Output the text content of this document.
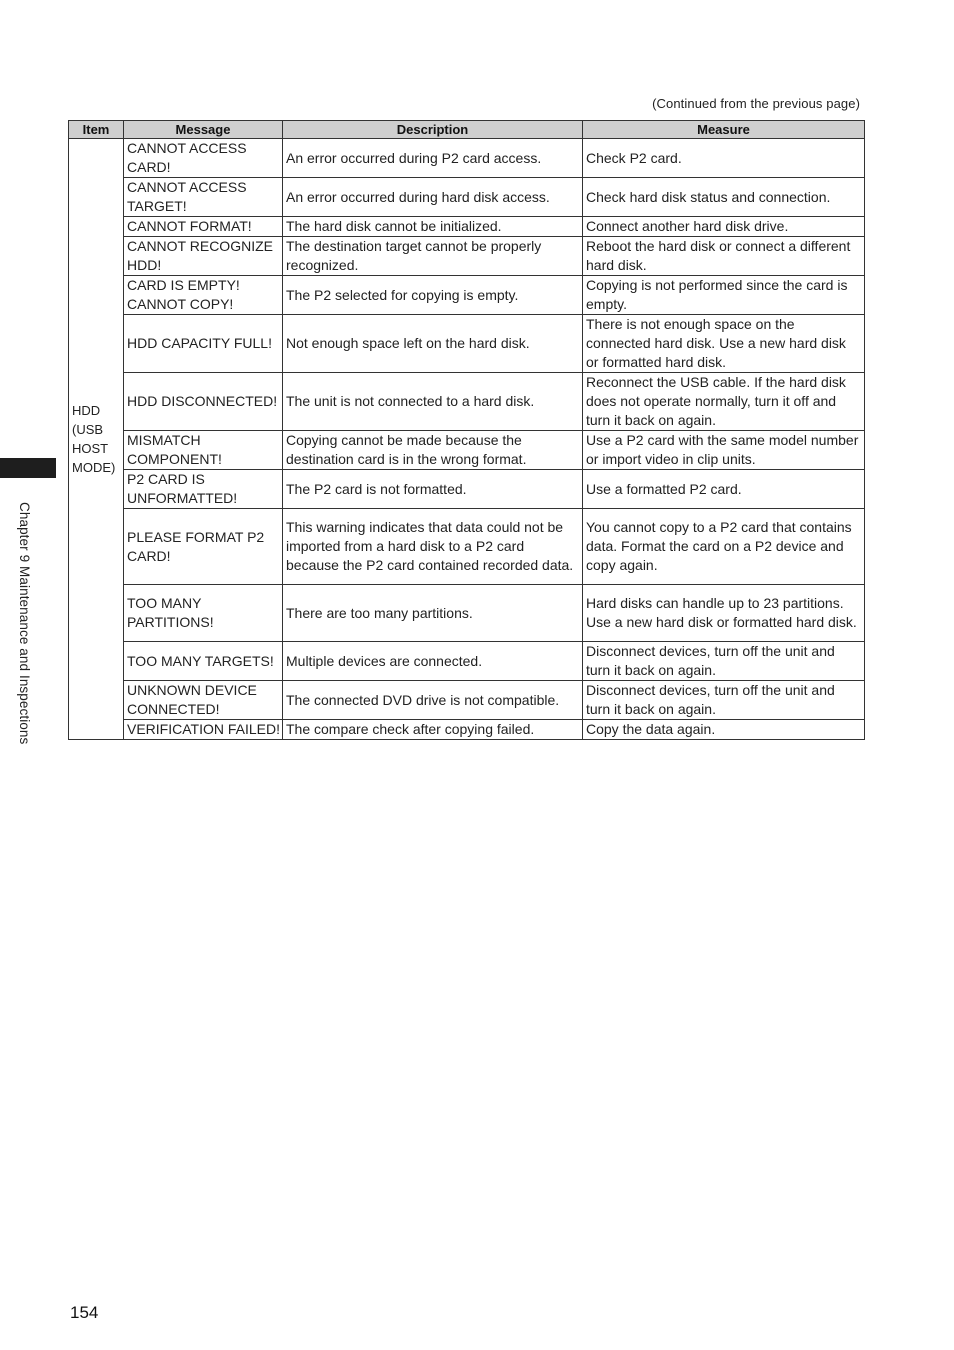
(Continued from the previous page)
Item	Message	Description	Measure
HDD (USB HOST MODE)	CANNOT ACCESS CARD!	An error occurred during P2 card access.	Check P2 card.
	CANNOT ACCESS TARGET!	An error occurred during hard disk access.	Check hard disk status and connection.
	CANNOT FORMAT!	The hard disk cannot be initialized.	Connect another hard disk drive.
	CANNOT RECOGNIZE HDD!	The destination target cannot be properly recognized.	Reboot the hard disk or connect a different hard disk.
	CARD IS EMPTY! CANNOT COPY!	The P2 selected for copying is empty.	Copying is not performed since the card is empty.
	HDD CAPACITY FULL!	Not enough space left on the hard disk.	There is not enough space on the connected hard disk. Use a new hard disk or formatted hard disk.
	HDD DISCONNECTED!	The unit is not connected to a hard disk.	Reconnect the USB cable. If the hard disk does not operate normally, turn it off and turn it back on again.
	MISMATCH COMPONENT!	Copying cannot be made because the destination card is in the wrong format.	Use a P2 card with the same model number or import video in clip units.
	P2 CARD IS UNFORMATTED!	The P2 card is not formatted.	Use a formatted P2 card.
	PLEASE FORMAT P2 CARD!	This warning indicates that data could not be imported from a hard disk to a P2 card because the P2 card contained recorded data.	You cannot copy to a P2 card that contains data. Format the card on a P2 device and copy again.
	TOO MANY PARTITIONS!	There are too many partitions.	Hard disks can handle up to 23 partitions. Use a new hard disk or formatted hard disk.
	TOO MANY TARGETS!	Multiple devices are connected.	Disconnect devices, turn off the unit and turn it back on again.
	UNKNOWN DEVICE CONNECTED!	The connected DVD drive is not compatible.	Disconnect devices, turn off the unit and turn it back on again.
	VERIFICATION FAILED!	The compare check after copying failed.	Copy the data again.
Chapter 9 Maintenance and Inspections
154
